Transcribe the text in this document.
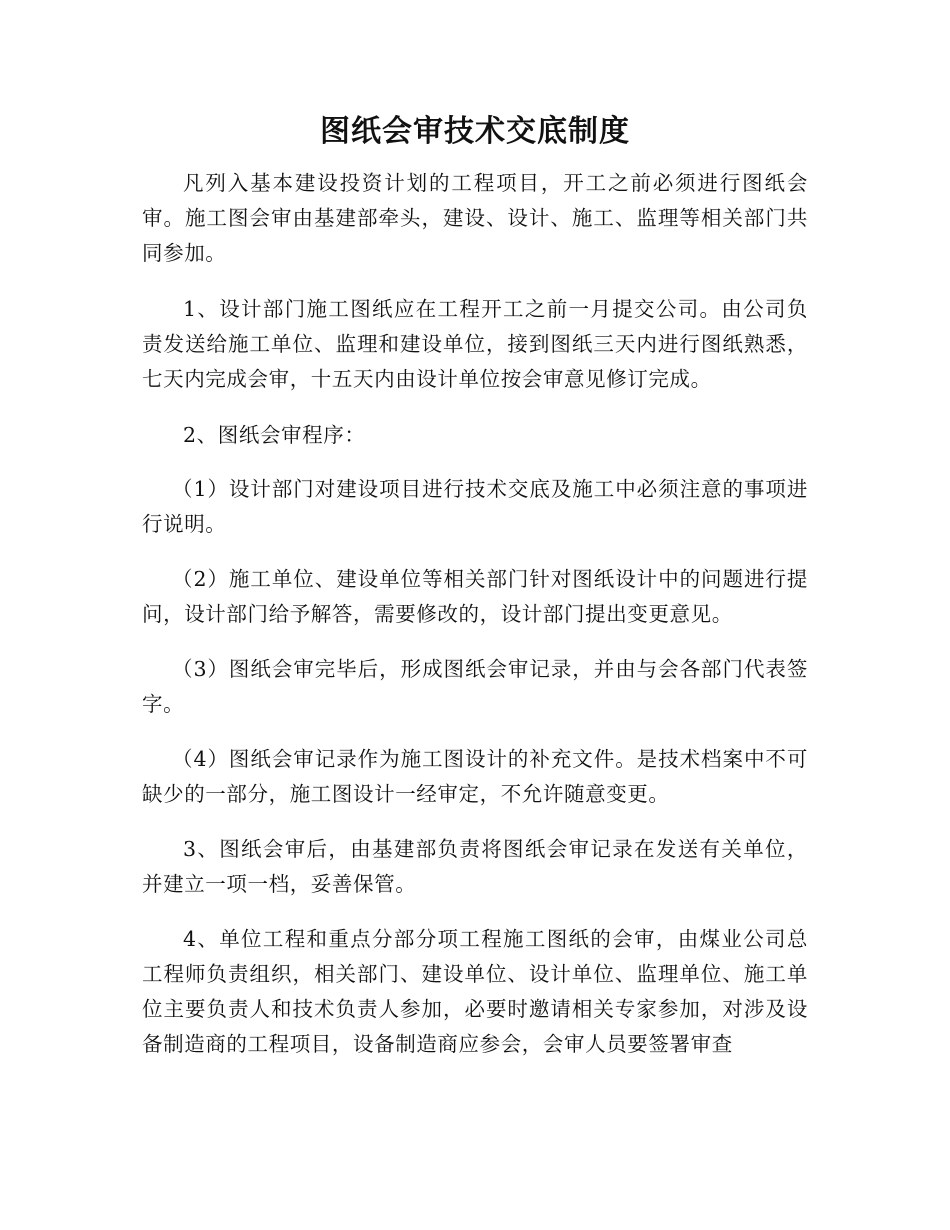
图纸会审技术交底制度

凡列入基本建设投资计划的工程项目，开工之前必须进行图纸会审。施工图会审由基建部牵头，建设、设计、施工、监理等相关部门共同参加。

1、设计部门施工图纸应在工程开工之前一月提交公司。由公司负责发送给施工单位、监理和建设单位，接到图纸三天内进行图纸熟悉，七天内完成会审，十五天内由设计单位按会审意见修订完成。

2、图纸会审程序：

（1）设计部门对建设项目进行技术交底及施工中必须注意的事项进行说明。

（2）施工单位、建设单位等相关部门针对图纸设计中的问题进行提问，设计部门给予解答，需要修改的，设计部门提出变更意见。

（3）图纸会审完毕后，形成图纸会审记录，并由与会各部门代表签字。

（4）图纸会审记录作为施工图设计的补充文件。是技术档案中不可缺少的一部分，施工图设计一经审定，不允许随意变更。

3、图纸会审后，由基建部负责将图纸会审记录在发送有关单位，并建立一项一档，妥善保管。

4、单位工程和重点分部分项工程施工图纸的会审，由煤业公司总工程师负责组织，相关部门、建设单位、设计单位、监理单位、施工单位主要负责人和技术负责人参加，必要时邀请相关专家参加，对涉及设备制造商的工程项目，设备制造商应参会，会审人员要签署审查
